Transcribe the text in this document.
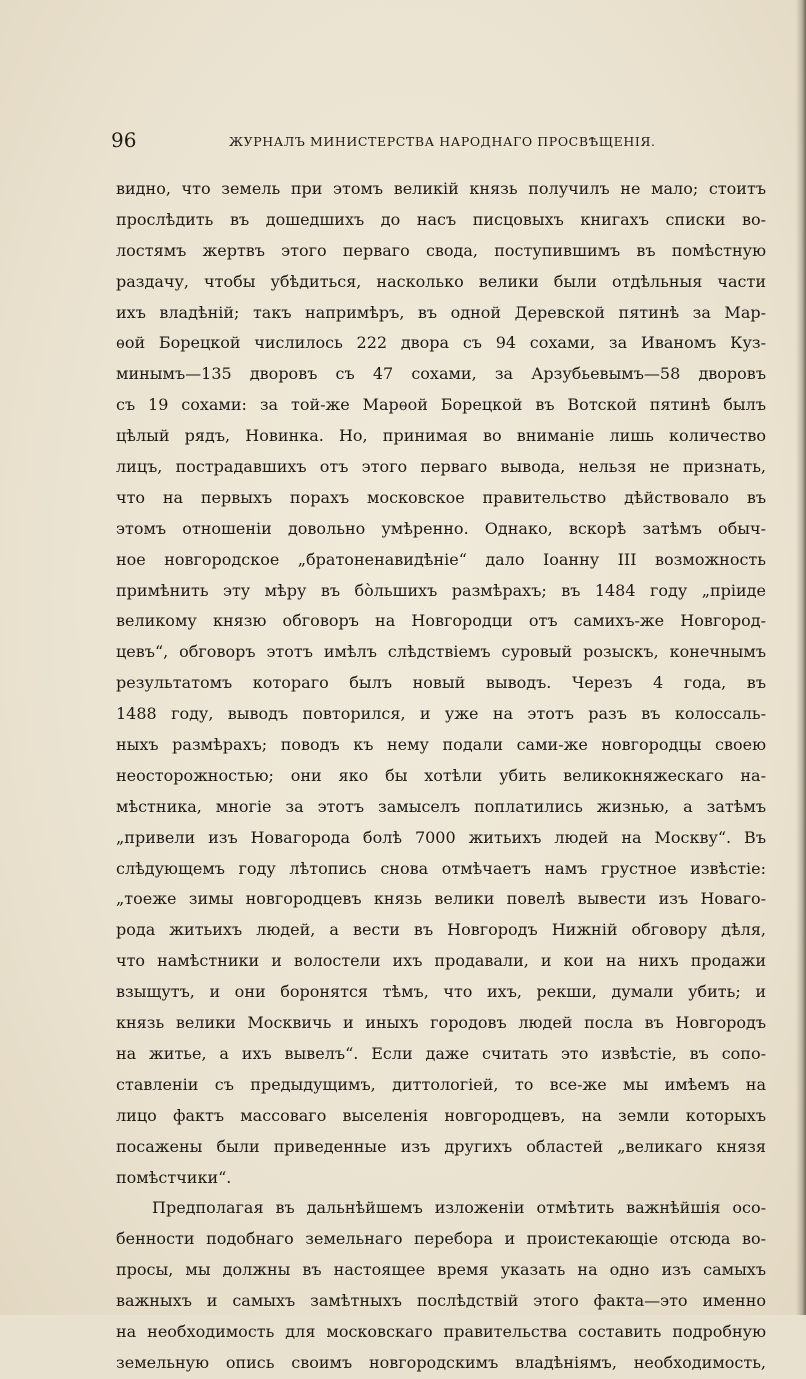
96	ЖУРНАЛЪ МИНИСТЕРСТВА НАРОДНАГО ПРОСВѢЩЕНІЯ.
видно, что земель при этомъ великій князь получилъ не мало; стоитъ
прослѣдить въ дошедшихъ до насъ писцовыхъ книгахъ списки во-
лостямъ жертвъ этого перваго свода, поступившимъ въ помѣстную
раздачу, чтобы убѣдиться, насколько велики были отдѣльныя части
ихъ владѣній; такъ напримѣръ, въ одной Деревской пятинѣ за Мар-
ѳой Борецкой числилось 222 двора съ 94 сохами, за Иваномъ Куз-
минымъ—135 дворовъ съ 47 сохами, за Арзубьевымъ—58 дворовъ
съ 19 сохами: за той-же Марѳой Борецкой въ Вотской пятинѣ былъ
цѣлый рядъ, Новинка. Но, принимая во вниманіе лишь количество
лицъ, пострадавшихъ отъ этого перваго вывода, нельзя не признать,
что на первыхъ порахъ московское правительство дѣйствовало въ
этомъ отношеніи довольно умѣренно. Однако, вскорѣ затѣмъ обыч-
ное новгородское „братоненавидѣніе“ дало Іоанну III возможность
примѣнить эту мѣру въ бо̀льшихъ размѣрахъ; въ 1484 году „пріиде
великому князю обговоръ на Новгородци отъ самихъ-же Новгород-
цевъ“, обговоръ этотъ имѣлъ слѣдствіемъ суровый розыскъ, конечнымъ
результатомъ котораго былъ новый выводъ. Черезъ 4 года, въ
1488 году, выводъ повторился, и уже на этотъ разъ въ колоссаль-
ныхъ размѣрахъ; поводъ къ нему подали сами-же новгородцы своею
неосторожностью; они яко бы хотѣли убить великокняжескаго на-
мѣстника, многіе за этотъ замыселъ поплатились жизнью, а затѣмъ
„привели изъ Новагорода болѣ 7000 житьихъ людей на Москву“. Въ
слѣдующемъ году лѣтопись снова отмѣчаетъ намъ грустное извѣстіе:
„тоеже зимы новгородцевъ князь велики повелѣ вывести изъ Новаго-
рода житьихъ людей, а вести въ Новгородъ Нижній обговору дѣля,
что намѣстники и волостели ихъ продавали, и кои на нихъ продажи
взыщутъ, и они боронятся тѣмъ, что ихъ, рекши, думали убить; и
князь велики Москвичь и иныхъ городовъ людей посла въ Новгородъ
на житье, а ихъ вывелъ“. Если даже считать это извѣстіе, въ сопо-
ставленіи съ предыдущимъ, диттологіей, то все-же мы имѣемъ на
лицо фактъ массоваго выселенія новгородцевъ, на земли которыхъ
посажены были приведенные изъ другихъ областей „великаго князя
помѣстчики“.
Предполагая въ дальнѣйшемъ изложеніи отмѣтить важнѣйшія осо-
бенности подобнаго земельнаго перебора и проистекающіе отсюда во-
просы, мы должны въ настоящее время указать на одно изъ самыхъ
важныхъ и самыхъ замѣтныхъ послѣдствій этого факта—это именно
на необходимость для московскаго правительства составить подробную
земельную опись своимъ новгородскимъ владѣніямъ, необходимость,
